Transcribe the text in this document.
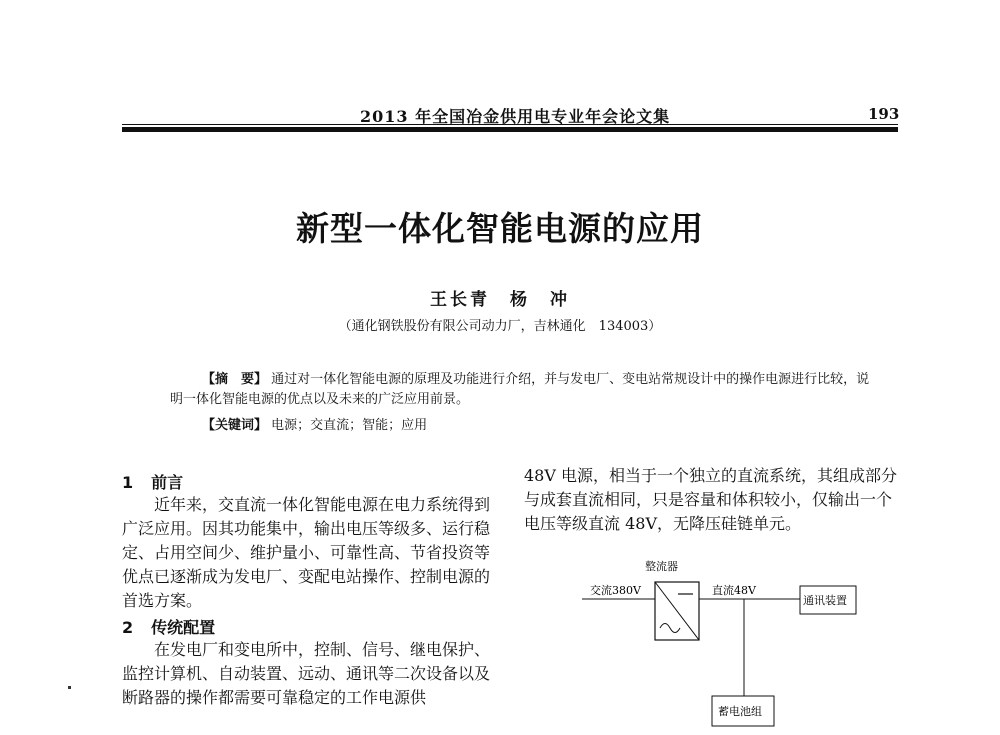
2013 年全国冶金供用电专业年会论文集	193
新型一体化智能电源的应用
王长青　杨　冲
（通化钢铁股份有限公司动力厂，吉林通化　134003）
【摘　要】 通过对一体化智能电源的原理及功能进行介绍，并与发电厂、变电站常规设计中的操作电源进行比较，说明一体化智能电源的优点以及未来的广泛应用前景。
【关键词】 电源；交直流；智能；应用
1 前言
近年来，交直流一体化智能电源在电力系统得到广泛应用。因其功能集中，输出电压等级多、运行稳定、占用空间少、维护量小、可靠性高、节省投资等优点已逐渐成为发电厂、变配电站操作、控制电源的首选方案。
2 传统配置
在发电厂和变电所中，控制、信号、继电保护、监控计算机、自动装置、远动、通讯等二次设备以及断路器的操作都需要可靠稳定的工作电源供
48V 电源，相当于一个独立的直流系统，其组成部分与成套直流相同，只是容量和体积较小，仅输出一个电压等级直流 48V，无降压硅链单元。
整流器
交流380V	直流48V
通讯装置
蓄电池组
